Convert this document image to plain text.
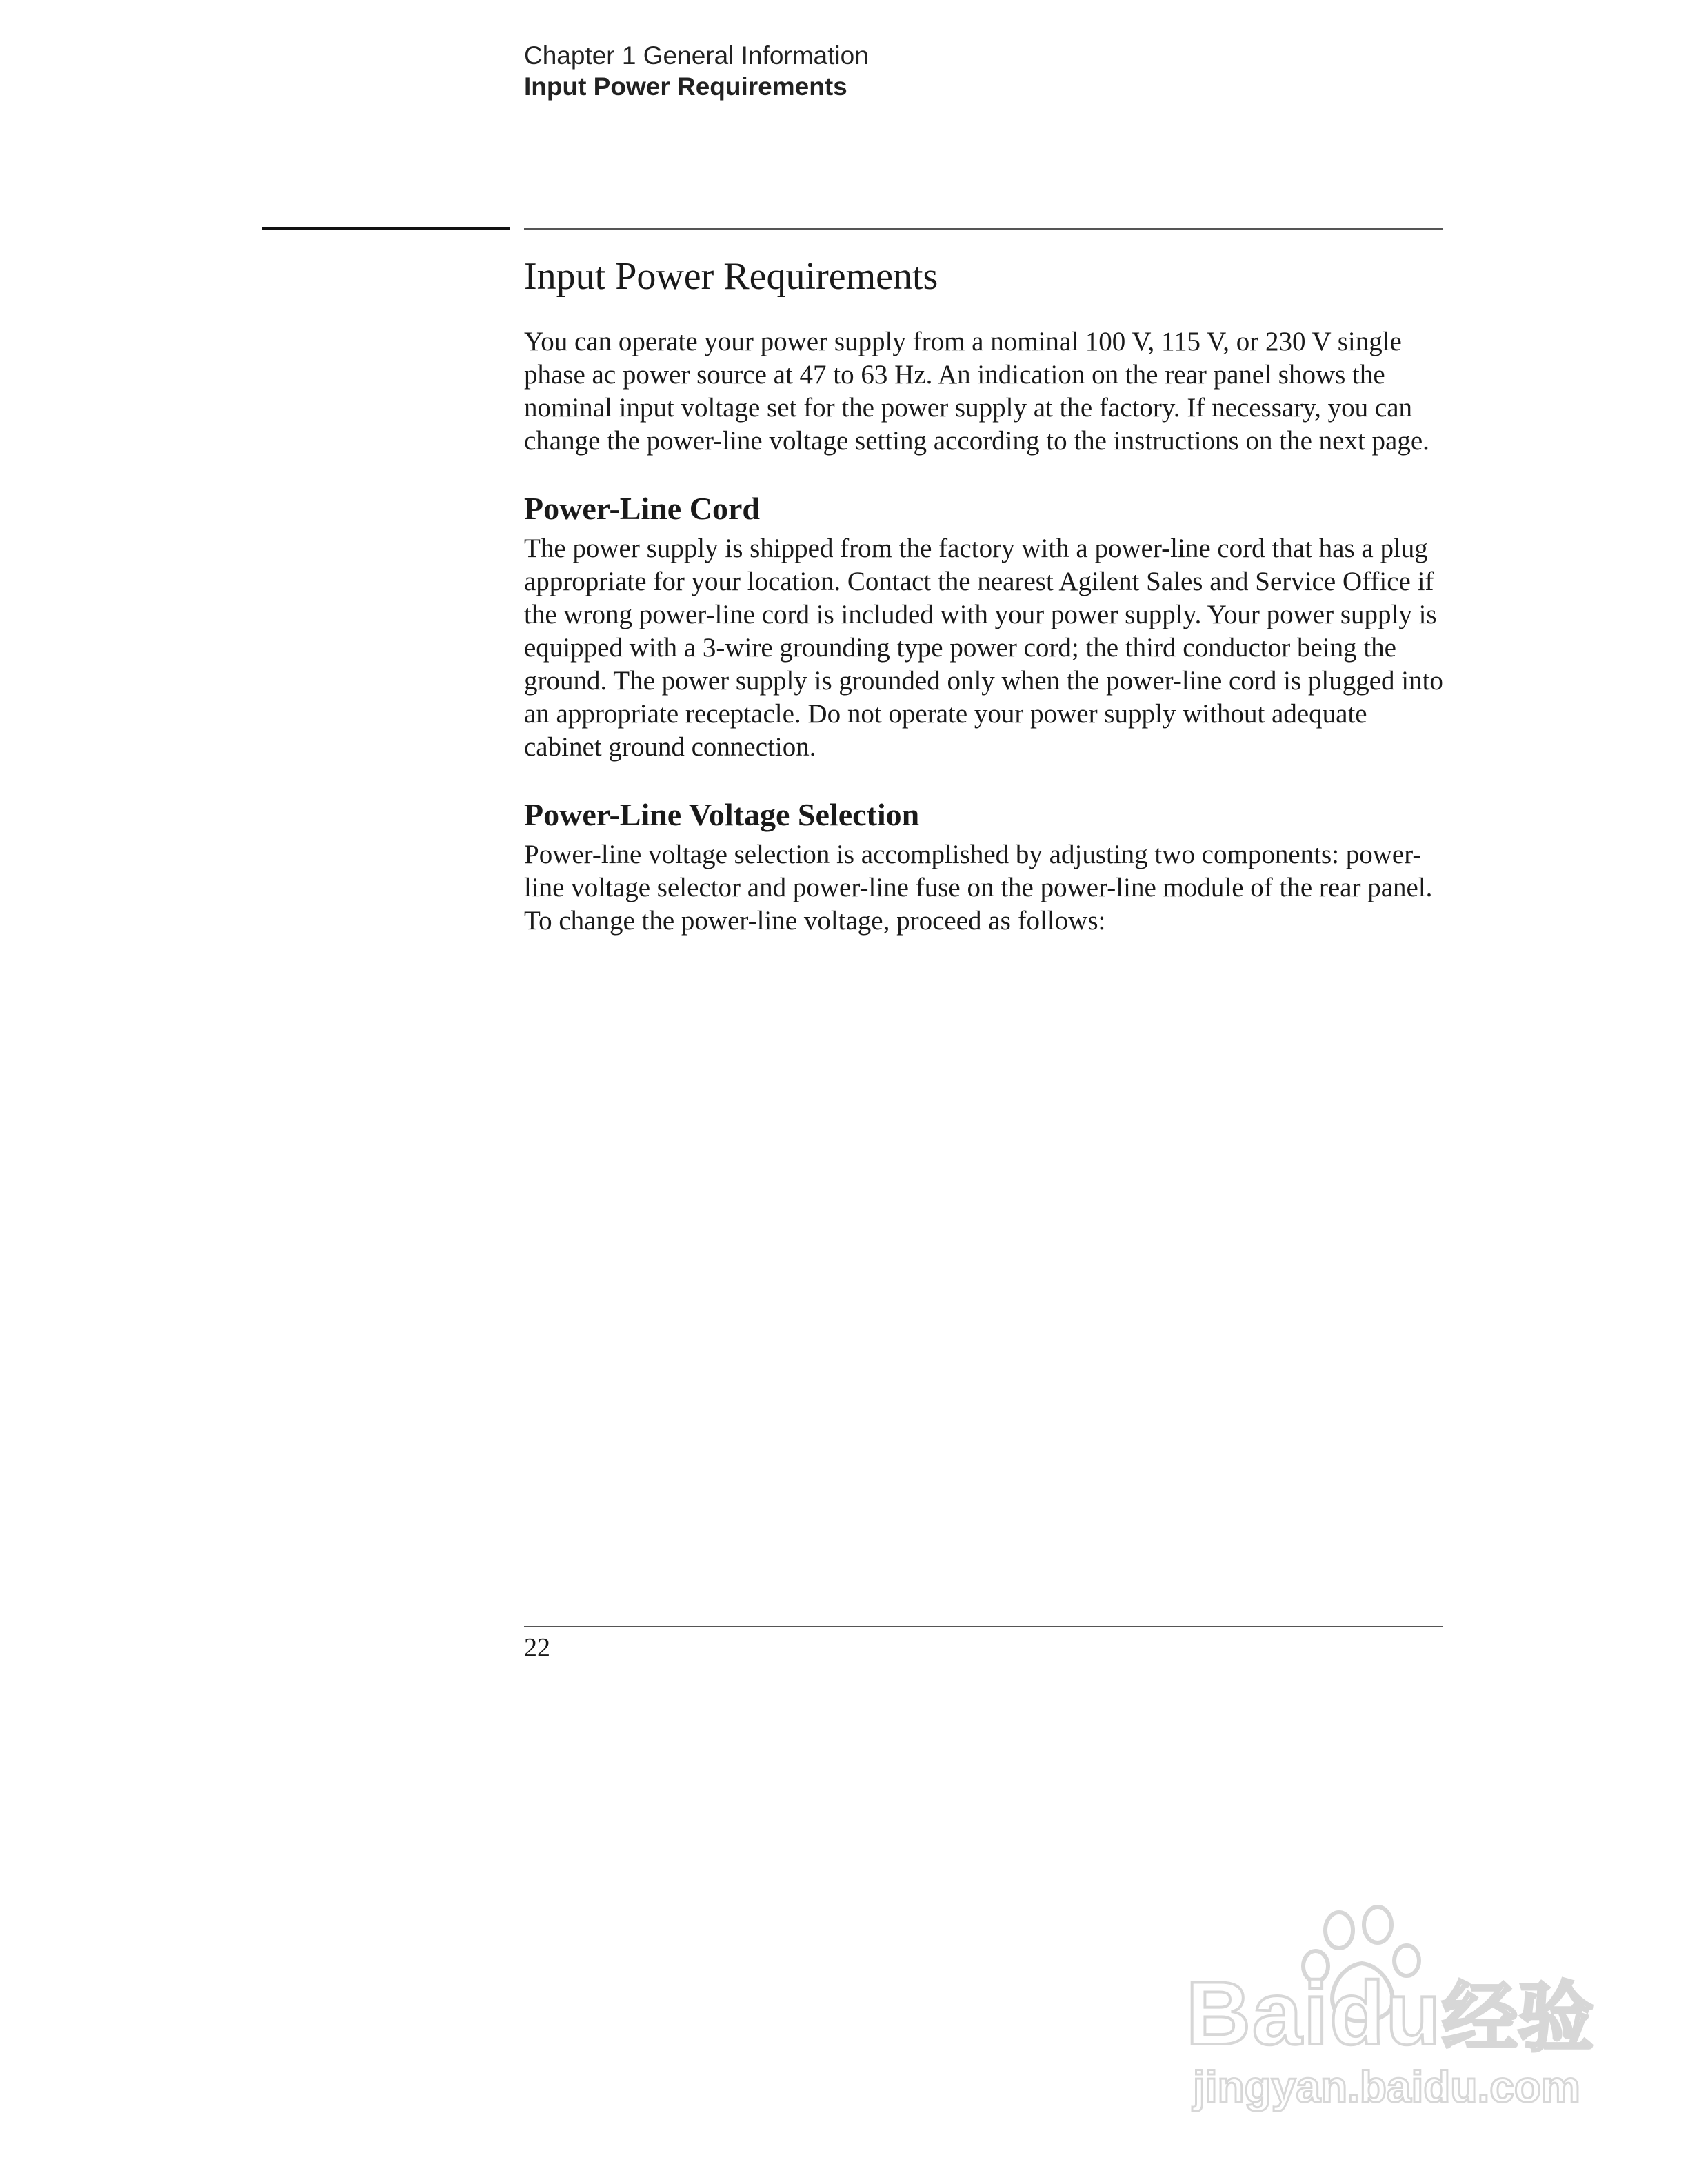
Chapter 1 General Information
Input Power Requirements
Input Power Requirements

You can operate your power supply from a nominal 100 V, 115 V, or 230 V single phase ac power source at 47 to 63 Hz. An indication on the rear panel shows the nominal input voltage set for the power supply at the factory. If necessary, you can change the power-line voltage setting according to the instructions on the next page.

Power-Line Cord

The power supply is shipped from the factory with a power-line cord that has a plug appropriate for your location. Contact the nearest Agilent Sales and Service Office if the wrong power-line cord is included with your power supply. Your power supply is equipped with a 3-wire grounding type power cord; the third conductor being the ground. The power supply is grounded only when the power-line cord is plugged into an appropriate receptacle. Do not operate your power supply without adequate cabinet ground connection.

Power-Line Voltage Selection

Power-line voltage selection is accomplished by adjusting two components: power-line voltage selector and power-line fuse on the power-line module of the rear panel. To change the power-line voltage, proceed as follows:

22
Baidu经验
jingyan.baidu.com
